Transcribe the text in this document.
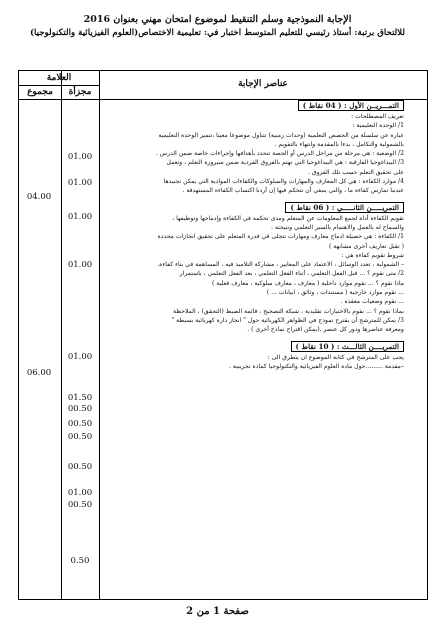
الإجابة النموذجية وسلم التنقيط لموضوع امتحان مهني بعنوان 2016
للالتحاق برتبة: أستاذ رئيسي للتعليم المتوسط اختبار في: تعليمية الاختصاص(العلوم الفيزيائية والتكنولوجيا)
العلامة
مجزأة
مجموع
عناصر الإجابة

التمـــريــن الأول : ( 04 نقاط )

تعريف المصطلحات :

1/ الوحدة التعليمية :

عبارة عن سلسلة من الحصص التعلمية (وحدات زمنية) تتناول موضوعا معينا ،تتميز الوحدة التعليمية

بالشمولية والتكامل ، بدءا بالمقدمة وانتهاء بالتقويم .

2/ الوضعية : هي مرحلة من مراحل الدرس أو الحصة تتحدد بأهدافها وإجراءات خاصة ضمن الدرس .

3/ البيداغوجيا الفارقية : هي البيداغوجيا التي تهتم بالفروق الفردية ضمن سيرورة التعلم ، وتعمل

على تحقيق التعلم حسب تلك الفروق .

4/ موارد الكفاءة : هي كل المعارف والمهارات والسلوكات والكفاءات الموادية التي يمكن تجنيدها

عندما تمارس كفاءة ما ، والتي ينبغي أن نتحكم فيها إن أردنا اكتساب الكفاءة المستهدفة .

التمريـــــن الثانـــــي : ( 06 نقاط )

تقويم الكفاءة أداة لجمع المعلومات عن المتعلم ومدى تحكمه في الكفاءة وإدماجها وتوظيفها ،

والسماح له بالعمل والاهتمام بالسير التعلمي ونتيجته .

1/ الكفاءة : هي حصيلة ادماج معارف ومهارات تتجلى في قدرة المتعلم على تحقيق انجازات محددة

( تقبل تعاريف أخرى مشابهة )

شروط تقويم كفاءة هي :

– الشمولية ، تعدد الوسائل ، الاعتماد على المعايير ، مشاركة التلاميذ فيه ، المساهمة في بناء كفاءة.

2/ متى نقوم ؟ ... قبل الفعل التعلمي ، أثناء الفعل التعلمي ، بعد الفعل التعلمي ، باستمرار

ماذا نقوم ؟ ... نقوم موارد داخلية ( معارف ، معارف سلوكية ، معارف فعلية )

... نقوم موارد خارجية ( مستندات ، وثائق ، ابيانات ... )

... نقوم وضعيات معقدة .

بماذا نقوم ؟ ... نقوم بالاختبارات تقليدية ، شبكة التصحيح ، قائمة الضبط (التحقق) ، الملاحظة

3/ يمكن للمترشح أن يقترح نموذج في الظواهر الكهربائية حول " انجاز دارة كهربائية بسيطة "

ومعرفة عناصرها ودور كل عنصر .(يمكن اقتراح نماذج أخرى ) .

التمريــــن الثالـــث : ( 10 نقاط )

يجب على المترشح في كتابة الموضوع ان يتطرق الى :

–مقدمة .........حول مادة العلوم الفيزيائية والتكنولوجيا كمادة تجريبية .

01.00
01.00
01.00
01.00
04.00
01.00
01.50
00.50
00.50
00.50
00.50
01.00
00.50
06.00
0.50
صفحة 1 من 2
